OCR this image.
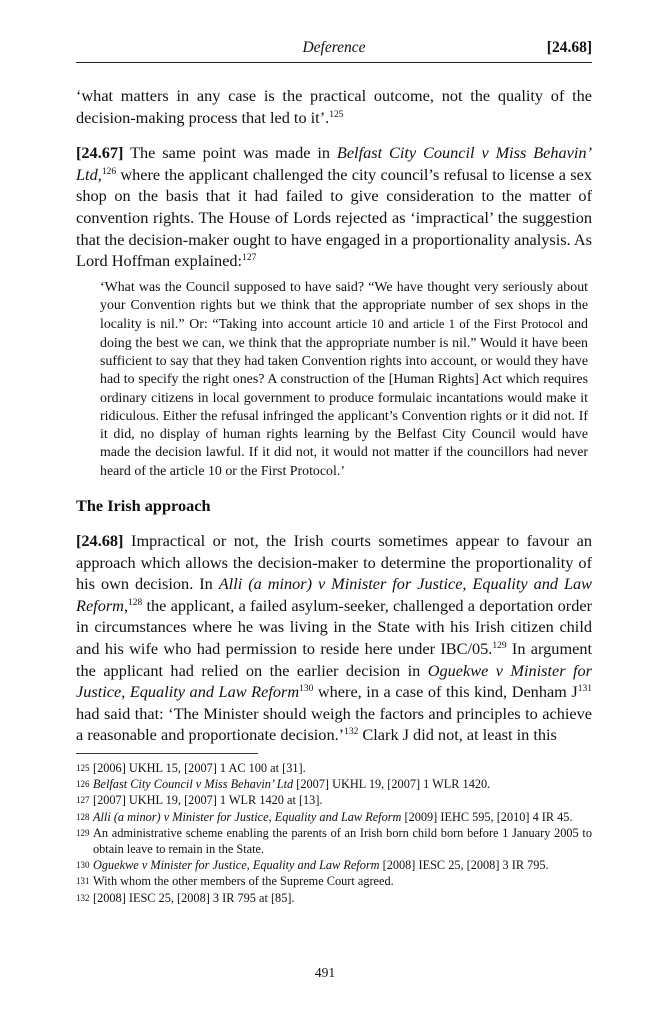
Deference	[24.68]

‘what matters in any case is the practical outcome, not the quality of the decision-making process that led to it’.$^{125}$

[24.67] The same point was made in Belfast City Council v Miss Behavin’ Ltd,$^{126}$ where the applicant challenged the city council’s refusal to license a sex shop on the basis that it had failed to give consideration to the matter of convention rights. The House of Lords rejected as ‘impractical’ the suggestion that the decision-maker ought to have engaged in a proportionality analysis. As Lord Hoffman explained:$^{127}$

‘What was the Council supposed to have said? “We have thought very seriously about your Convention rights but we think that the appropriate number of sex shops in the locality is nil.” Or: “Taking into account article 10 and article 1 of the First Protocol and doing the best we can, we think that the appropriate number is nil.” Would it have been sufficient to say that they had taken Convention rights into account, or would they have had to specify the right ones? A construction of the [Human Rights] Act which requires ordinary citizens in local government to produce formulaic incantations would make it ridiculous. Either the refusal infringed the applicant’s Convention rights or it did not. If it did, no display of human rights learning by the Belfast City Council would have made the decision lawful. If it did not, it would not matter if the councillors had never heard of the article 10 or the First Protocol.’

The Irish approach

[24.68] Impractical or not, the Irish courts sometimes appear to favour an approach which allows the decision-maker to determine the proportionality of his own decision. In Alli (a minor) v Minister for Justice, Equality and Law Reform,$^{128}$ the applicant, a failed asylum-seeker, challenged a deportation order in circumstances where he was living in the State with his Irish citizen child and his wife who had permission to reside here under IBC/05.$^{129}$ In argument the applicant had relied on the earlier decision in Oguekwe v Minister for Justice, Equality and Law Reform$^{130}$ where, in a case of this kind, Denham $J^{131}$ had said that: ‘The Minister should weigh the factors and principles to achieve a reasonable and proportionate decision.’$^{132}$ Clark J did not, at least in this

125 [2006] UKHL 15, [2007] 1 AC 100 at [31].
126 Belfast City Council v Miss Behavin’ Ltd [2007] UKHL 19, [2007] 1 WLR 1420.
127 [2007] UKHL 19, [2007] 1 WLR 1420 at [13].
128 Alli (a minor) v Minister for Justice, Equality and Law Reform [2009] IEHC 595, [2010] 4 IR 45.
129 An administrative scheme enabling the parents of an Irish born child born before 1 January 2005 to obtain leave to remain in the State.
130 Oguekwe v Minister for Justice, Equality and Law Reform [2008] IESC 25, [2008] 3 IR 795.
131 With whom the other members of the Supreme Court agreed.
132 [2008] IESC 25, [2008] 3 IR 795 at [85].
491
